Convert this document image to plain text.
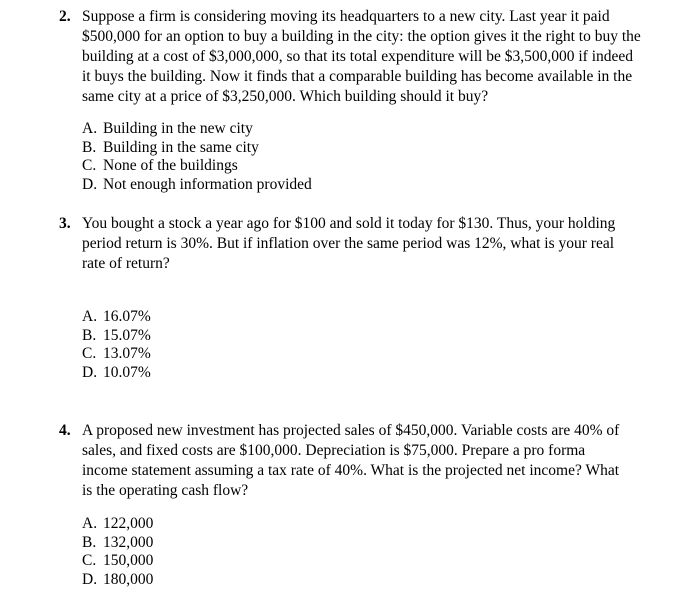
2. Suppose a firm is considering moving its headquarters to a new city. Last year it paid
$500,000 for an option to buy a building in the city: the option gives it the right to buy the
building at a cost of $3,000,000, so that its total expenditure will be $3,500,000 if indeed
it buys the building. Now it finds that a comparable building has become available in the
same city at a price of $3,250,000. Which building should it buy?

A. Building in the new city
B. Building in the same city
C. None of the buildings
D. Not enough information provided
3. You bought a stock a year ago for $100 and sold it today for $130. Thus, your holding
period return is 30%. But if inflation over the same period was 12%, what is your real
rate of return?

A. 16.07%
B. 15.07%
C. 13.07%
D. 10.07%
4. A proposed new investment has projected sales of $450,000. Variable costs are 40% of
sales, and fixed costs are $100,000. Depreciation is $75,000. Prepare a pro forma
income statement assuming a tax rate of 40%. What is the projected net income? What
is the operating cash flow?

A. 122,000
B. 132,000
C. 150,000
D. 180,000
